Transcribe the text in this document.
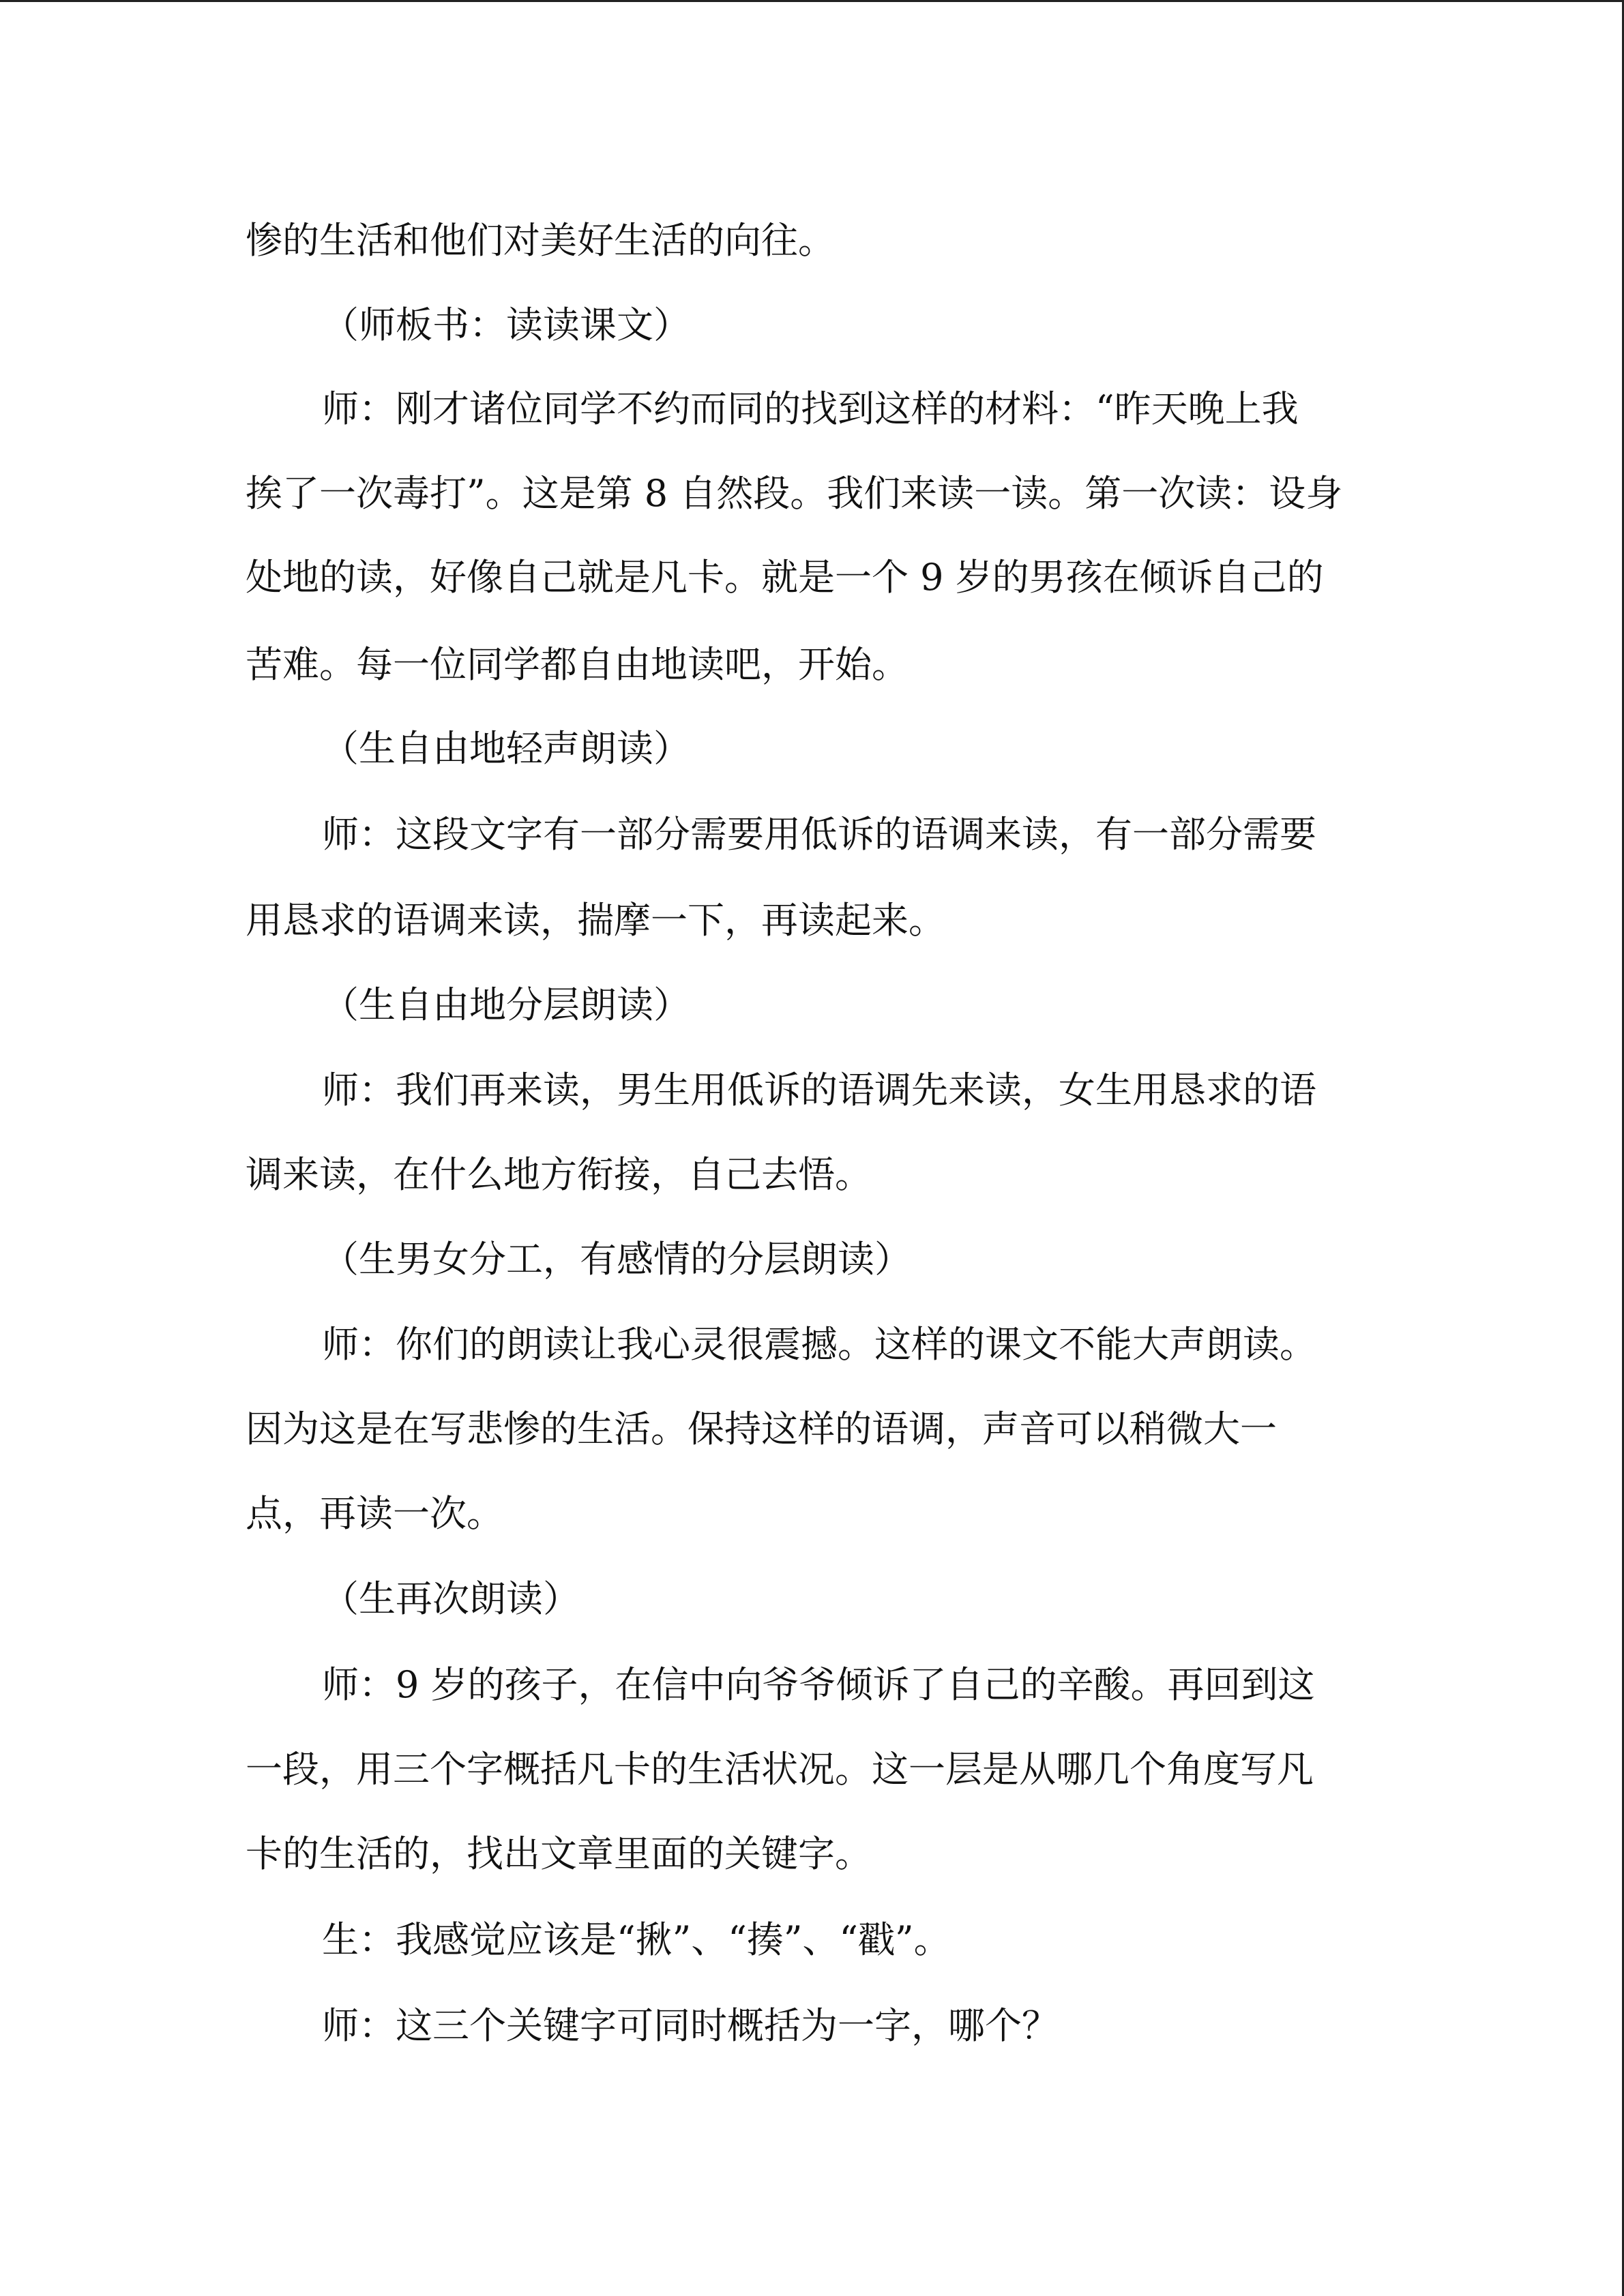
惨的生活和他们对美好生活的向往。
（师板书：读读课文）
师：刚才诸位同学不约而同的找到这样的材料：“昨天晚上我
挨了一次毒打”。这是第 8 自然段。我们来读一读。第一次读：设身
处地的读，好像自己就是凡卡。就是一个 9 岁的男孩在倾诉自己的
苦难。每一位同学都自由地读吧，开始。
（生自由地轻声朗读）
师：这段文字有一部分需要用低诉的语调来读，有一部分需要
用恳求的语调来读，揣摩一下，再读起来。
（生自由地分层朗读）
师：我们再来读，男生用低诉的语调先来读，女生用恳求的语
调来读，在什么地方衔接，自己去悟。
（生男女分工，有感情的分层朗读）
师：你们的朗读让我心灵很震撼。这样的课文不能大声朗读。
因为这是在写悲惨的生活。保持这样的语调，声音可以稍微大一
点，再读一次。
（生再次朗读）
师：9 岁的孩子，在信中向爷爷倾诉了自己的辛酸。再回到这
一段，用三个字概括凡卡的生活状况。这一层是从哪几个角度写凡
卡的生活的，找出文章里面的关键字。
生：我感觉应该是“揪”、“揍”、“戳”。
师：这三个关键字可同时概括为一字，哪个？
